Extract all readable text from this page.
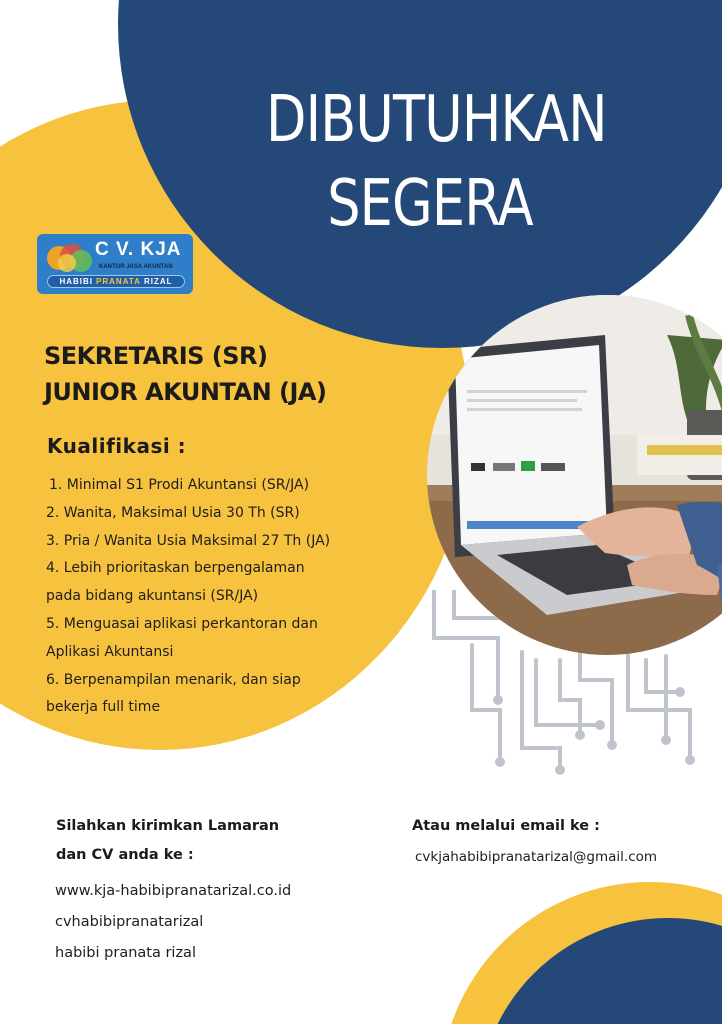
DIBUTUHKAN
SEGERA
C V. KJA
KANTOR JASA AKUNTAN
HABIBI PRANATA RIZAL
SEKRETARIS (SR)
JUNIOR AKUNTAN (JA)
Kualifikasi :
1. Minimal S1 Prodi Akuntansi (SR/JA)
2. Wanita, Maksimal Usia 30 Th (SR)
3. Pria / Wanita Usia Maksimal 27 Th (JA)
4. Lebih prioritaskan berpengalaman
pada bidang akuntansi (SR/JA)
5. Menguasai aplikasi perkantoran dan
Aplikasi Akuntansi
6. Berpenampilan menarik, dan siap
bekerja full time
Silahkan kirimkan Lamaran
dan CV anda ke :
www.kja-habibipranatarizal.co.id
cvhabibipranatarizal
habibi pranata rizal
Atau melalui email ke :
cvkjahabibipranatarizal@gmail.com
